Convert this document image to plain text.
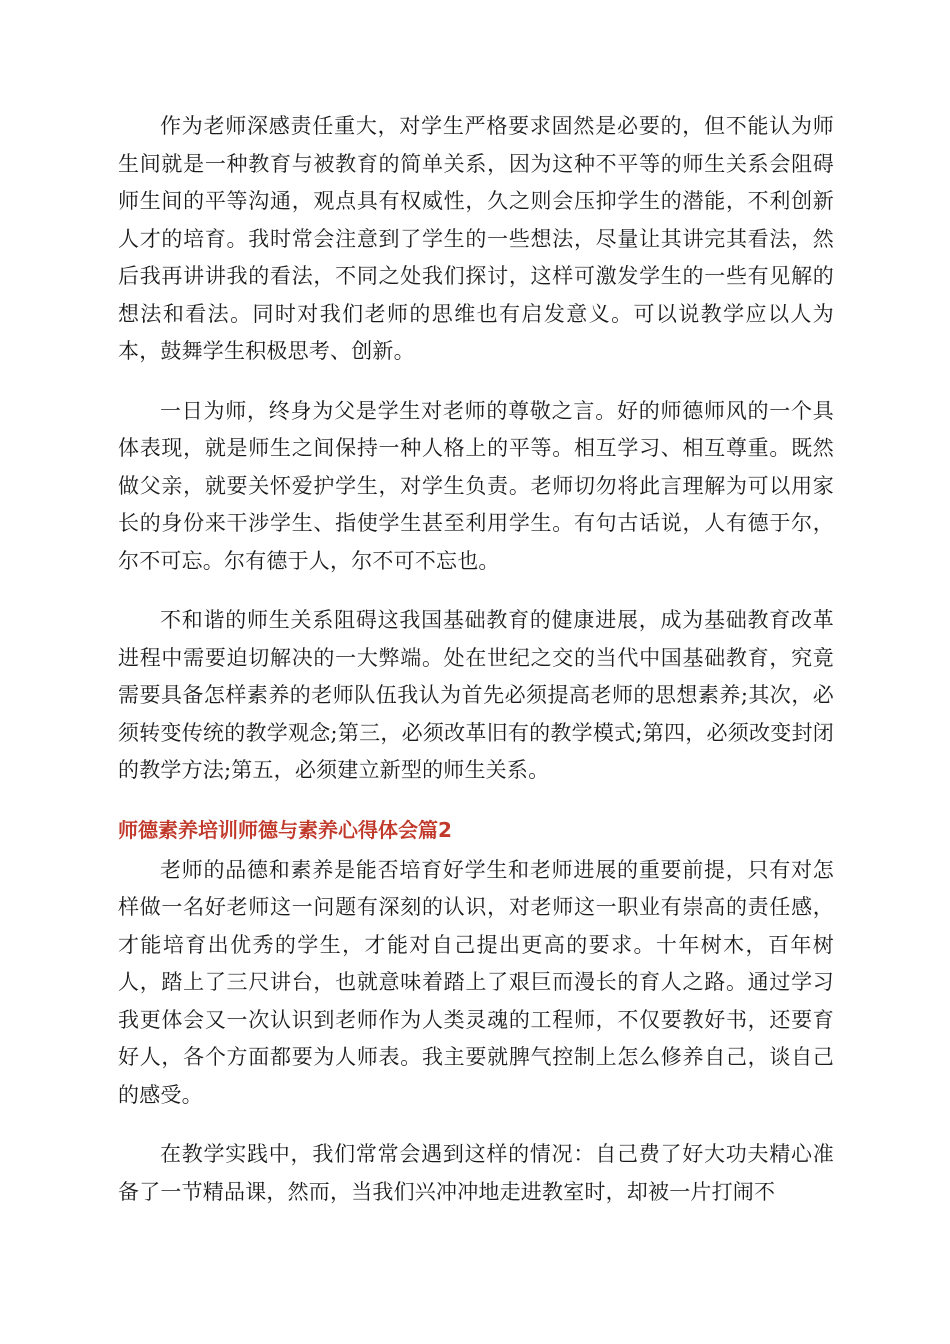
作为老师深感责任重大，对学生严格要求固然是必要的，但不能认为师生间就是一种教育与被教育的简单关系，因为这种不平等的师生关系会阻碍师生间的平等沟通，观点具有权威性，久之则会压抑学生的潜能，不利创新人才的培育。我时常会注意到了学生的一些想法，尽量让其讲完其看法，然后我再讲讲我的看法，不同之处我们探讨，这样可激发学生的一些有见解的想法和看法。同时对我们老师的思维也有启发意义。可以说教学应以人为本，鼓舞学生积极思考、创新。

一日为师，终身为父是学生对老师的尊敬之言。好的师德师风的一个具体表现，就是师生之间保持一种人格上的平等。相互学习、相互尊重。既然做父亲，就要关怀爱护学生，对学生负责。老师切勿将此言理解为可以用家长的身份来干涉学生、指使学生甚至利用学生。有句古话说，人有德于尔，尔不可忘。尔有德于人，尔不可不忘也。

不和谐的师生关系阻碍这我国基础教育的健康进展，成为基础教育改革进程中需要迫切解决的一大弊端。处在世纪之交的当代中国基础教育，究竟需要具备怎样素养的老师队伍我认为首先必须提高老师的思想素养;其次，必须转变传统的教学观念;第三，必须改革旧有的教学模式;第四，必须改变封闭的教学方法;第五，必须建立新型的师生关系。

师德素养培训师德与素养心得体会篇2

老师的品德和素养是能否培育好学生和老师进展的重要前提，只有对怎样做一名好老师这一问题有深刻的认识，对老师这一职业有崇高的责任感，才能培育出优秀的学生，才能对自己提出更高的要求。十年树木，百年树人，踏上了三尺讲台，也就意味着踏上了艰巨而漫长的育人之路。通过学习我更体会又一次认识到老师作为人类灵魂的工程师，不仅要教好书，还要育好人，各个方面都要为人师表。我主要就脾气控制上怎么修养自己，谈自己的感受。

在教学实践中，我们常常会遇到这样的情况：自己费了好大功夫精心准备了一节精品课，然而，当我们兴冲冲地走进教室时，却被一片打闹不
